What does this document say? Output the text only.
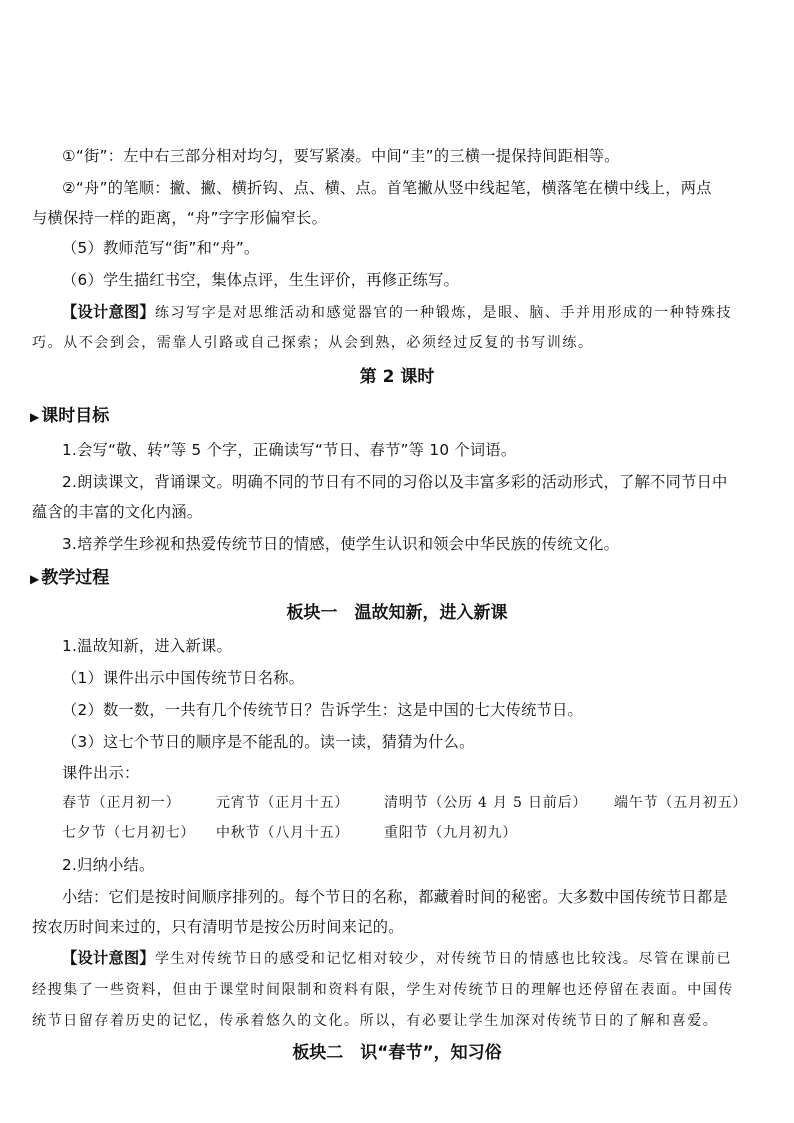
①“街”：左中右三部分相对均匀，要写紧凑。中间“圭”的三横一提保持间距相等。
②“舟”的笔顺：撇、撇、横折钩、点、横、点。首笔撇从竖中线起笔，横落笔在横中线上，两点
与横保持一样的距离，“舟”字字形偏窄长。
（5）教师范写“街”和“舟”。
（6）学生描红书空，集体点评，生生评价，再修正练写。
【设计意图】练习写字是对思维活动和感觉器官的一种锻炼，是眼、脑、手并用形成的一种特殊技
巧。从不会到会，需靠人引路或自己探索；从会到熟，必须经过反复的书写训练。
第 2 课时
▶ 课时目标
1.会写“敬、转”等 5 个字，正确读写“节日、春节”等 10 个词语。
2.朗读课文，背诵课文。明确不同的节日有不同的习俗以及丰富多彩的活动形式，了解不同节日中
蕴含的丰富的文化内涵。
3.培养学生珍视和热爱传统节日的情感，使学生认识和领会中华民族的传统文化。
▶ 教学过程
板块一　温故知新，进入新课
1.温故知新，进入新课。
（1）课件出示中国传统节日名称。
（2）数一数，一共有几个传统节日？告诉学生：这是中国的七大传统节日。
（3）这七个节日的顺序是不能乱的。读一读，猜猜为什么。
课件出示：
春节（正月初一）	元宵节（正月十五） 清明节（公历 4 月 5 日前后） 端午节（五月初五）
七夕节（七月初七） 中秋节（八月十五） 重阳节（九月初九）
2.归纳小结。
小结：它们是按时间顺序排列的。每个节日的名称，都藏着时间的秘密。大多数中国传统节日都是
按农历时间来过的，只有清明节是按公历时间来记的。
【设计意图】学生对传统节日的感受和记忆相对较少，对传统节日的情感也比较浅。尽管在课前已
经搜集了一些资料，但由于课堂时间限制和资料有限，学生对传统节日的理解也还停留在表面。中国传
统节日留存着历史的记忆，传承着悠久的文化。所以，有必要让学生加深对传统节日的了解和喜爱。
板块二　识“春节”，知习俗
